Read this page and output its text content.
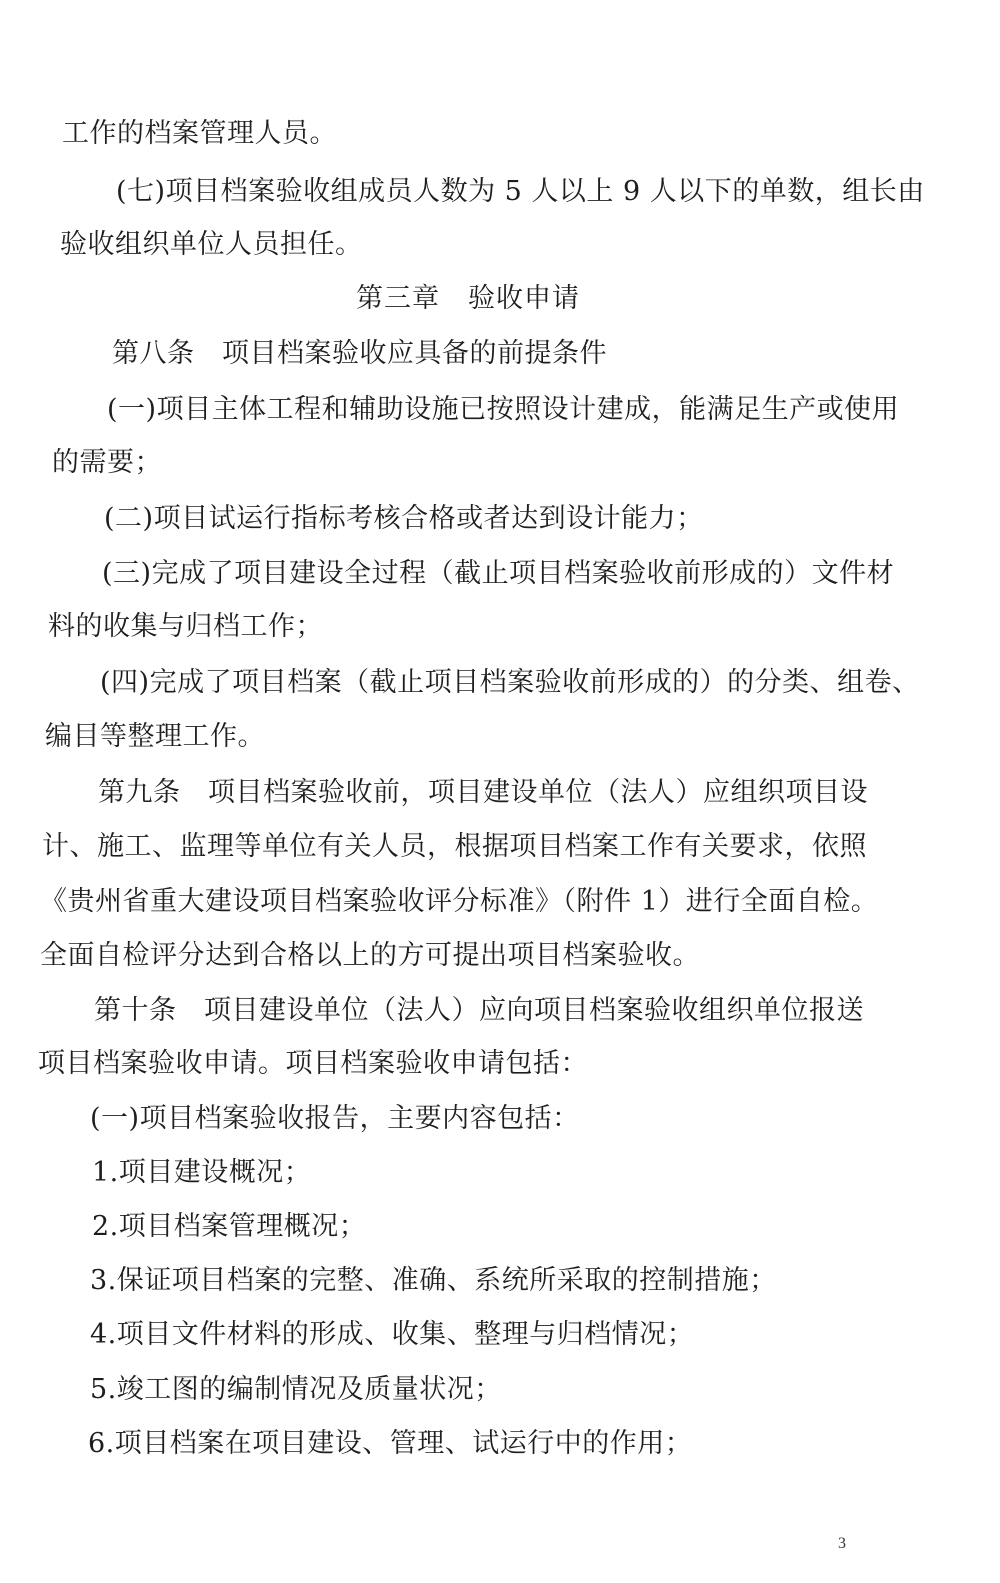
工作的档案管理人员。
(七)项目档案验收组成员人数为 5 人以上 9 人以下的单数，组长由
验收组织单位人员担任。
第三章　验收申请
第八条　项目档案验收应具备的前提条件
(一)项目主体工程和辅助设施已按照设计建成，能满足生产或使用
的需要；
(二)项目试运行指标考核合格或者达到设计能力；
(三)完成了项目建设全过程（截止项目档案验收前形成的）文件材
料的收集与归档工作；
(四)完成了项目档案（截止项目档案验收前形成的）的分类、组卷、
编目等整理工作。
第九条　项目档案验收前，项目建设单位（法人）应组织项目设
计、施工、监理等单位有关人员，根据项目档案工作有关要求，依照
《贵州省重大建设项目档案验收评分标准》（附件 1）进行全面自检。
全面自检评分达到合格以上的方可提出项目档案验收。
第十条　项目建设单位（法人）应向项目档案验收组织单位报送
项目档案验收申请。项目档案验收申请包括：
(一)项目档案验收报告，主要内容包括：
1.项目建设概况；
2.项目档案管理概况；
3.保证项目档案的完整、准确、系统所采取的控制措施；
4.项目文件材料的形成、收集、整理与归档情况；
5.竣工图的编制情况及质量状况；
6.项目档案在项目建设、管理、试运行中的作用；
3
